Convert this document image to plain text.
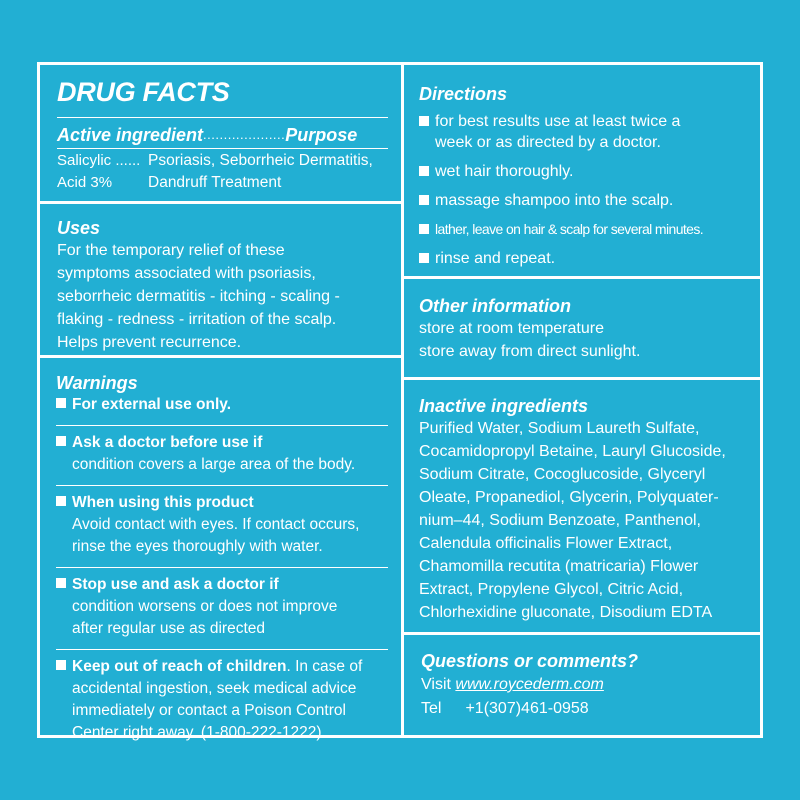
DRUG FACTS
Active ingredient .................... Purpose
Salicylic ......
Acid 3%
Psoriasis, Seborrheic Dermatitis,
Dandruff Treatment
Uses
For the temporary relief of these
symptoms associated with psoriasis,
seborrheic dermatitis - itching - scaling -
flaking - redness - irritation of the scalp.
Helps prevent recurrence.
Warnings
For external use only.
Ask a doctor before use if
condition covers a large area of the body.
When using this product
Avoid contact with eyes. If contact occurs,
rinse the eyes thoroughly with water.
Stop use and ask a doctor if
condition worsens or does not improve
after regular use as directed
Keep out of reach of children. In case of
accidental ingestion, seek medical advice
immediately or contact a Poison Control
Center right away. (1-800-222-1222)
Directions
for best results use at least twice a
week or as directed by a doctor.
wet hair thoroughly.
massage shampoo into the scalp.
lather, leave on hair & scalp for several minutes.
rinse and repeat.
Other information
store at room temperature
store away from direct sunlight.
Inactive ingredients
Purified Water, Sodium Laureth Sulfate,
Cocamidopropyl Betaine, Lauryl Glucoside,
Sodium Citrate, Cocoglucoside, Glyceryl
Oleate, Propanediol, Glycerin, Polyquater-
nium–44, Sodium Benzoate, Panthenol,
Calendula officinalis Flower Extract,
Chamomilla recutita (matricaria) Flower
Extract, Propylene Glycol, Citric Acid,
Chlorhexidine gluconate, Disodium EDTA
Questions or comments?
Visit www.roycederm.com
Tel +1(307)461-0958
